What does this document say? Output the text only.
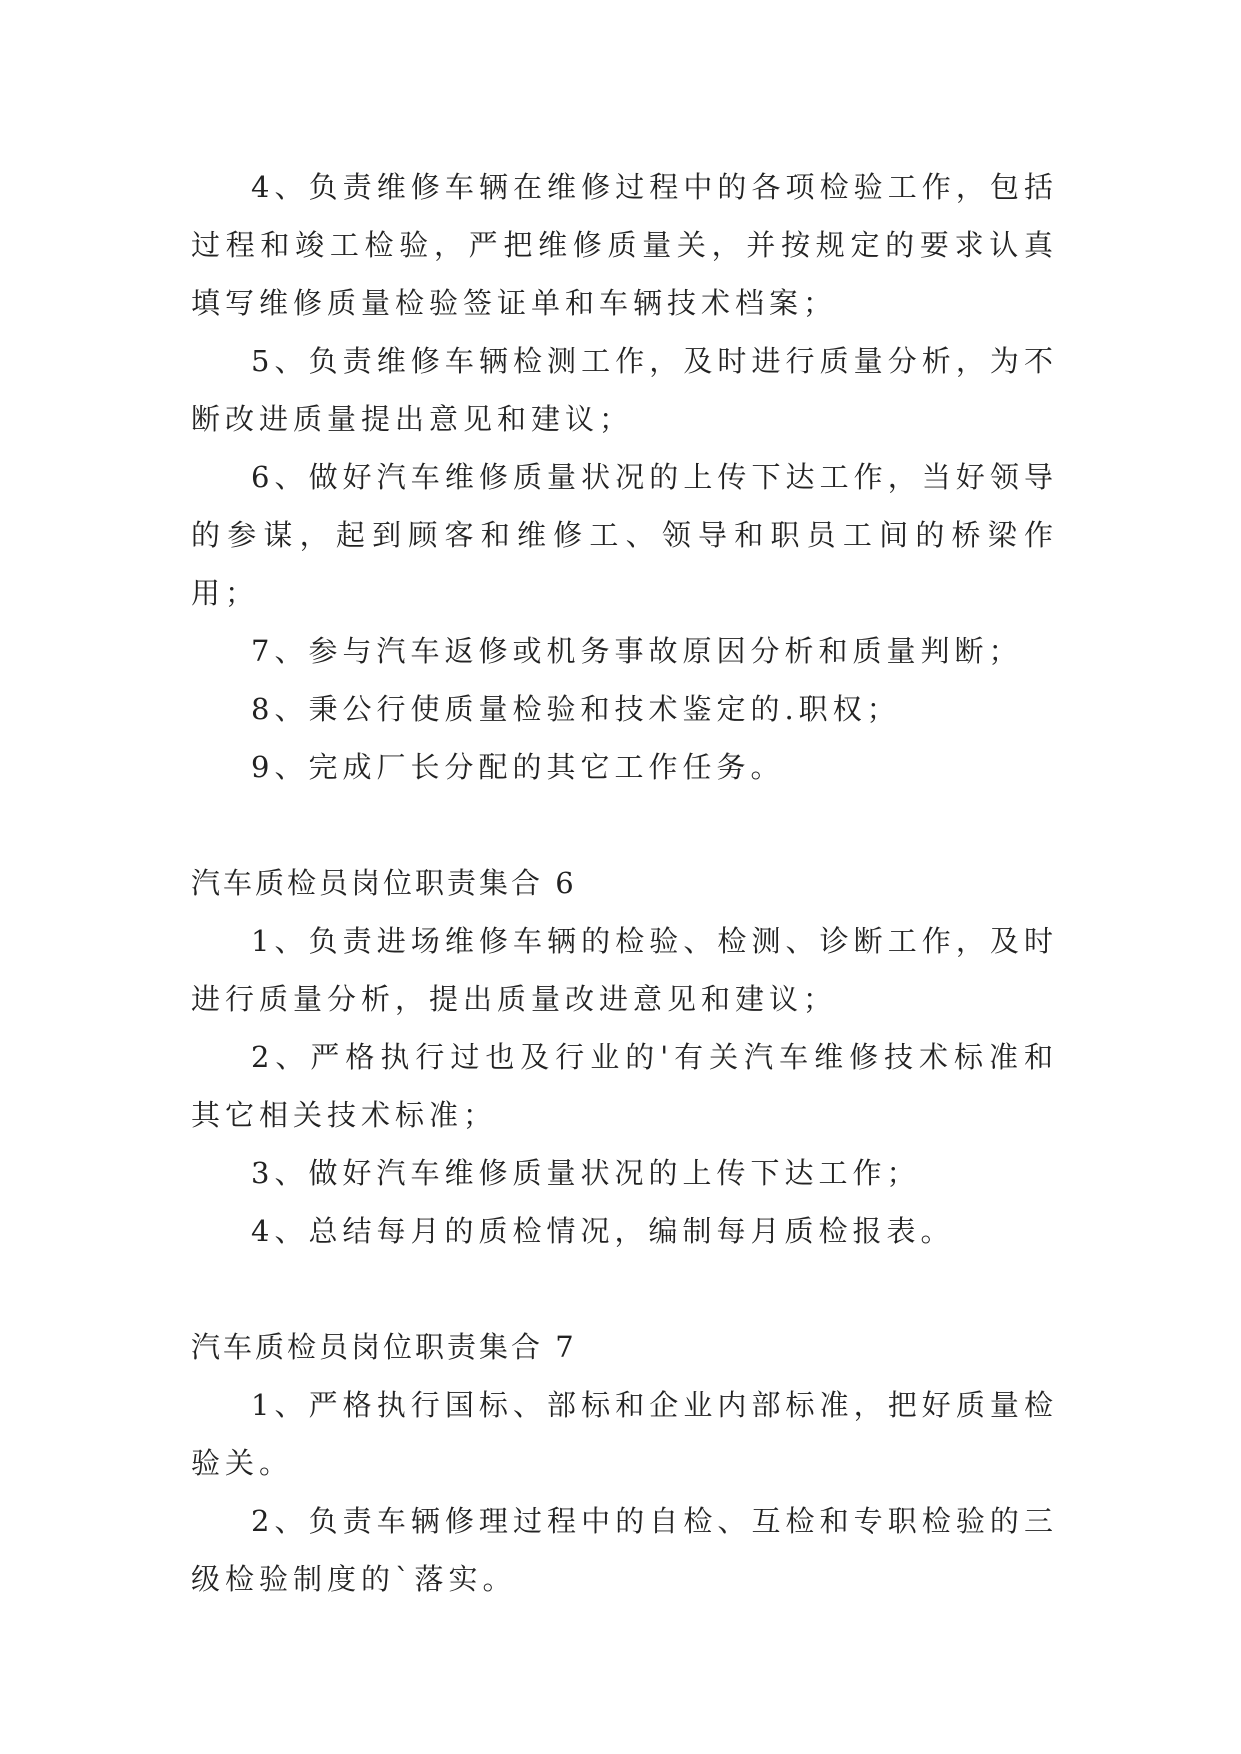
4、负责维修车辆在维修过程中的各项检验工作，包括过程和竣工检验，严把维修质量关，并按规定的要求认真填写维修质量检验签证单和车辆技术档案；

5、负责维修车辆检测工作，及时进行质量分析，为不断改进质量提出意见和建议；

6、做好汽车维修质量状况的上传下达工作，当好领导的参谋，起到顾客和维修工、领导和职员工间的桥梁作用；

7、参与汽车返修或机务事故原因分析和质量判断；

8、秉公行使质量检验和技术鉴定的.职权；

9、完成厂长分配的其它工作任务。

汽车质检员岗位职责集合 6

1、负责进场维修车辆的检验、检测、诊断工作，及时进行质量分析，提出质量改进意见和建议；

2、严格执行过也及行业的'有关汽车维修技术标准和其它相关技术标准；

3、做好汽车维修质量状况的上传下达工作；

4、总结每月的质检情况，编制每月质检报表。

汽车质检员岗位职责集合 7

1、严格执行国标、部标和企业内部标准，把好质量检验关。

2、负责车辆修理过程中的自检、互检和专职检验的三级检验制度的`落实。
